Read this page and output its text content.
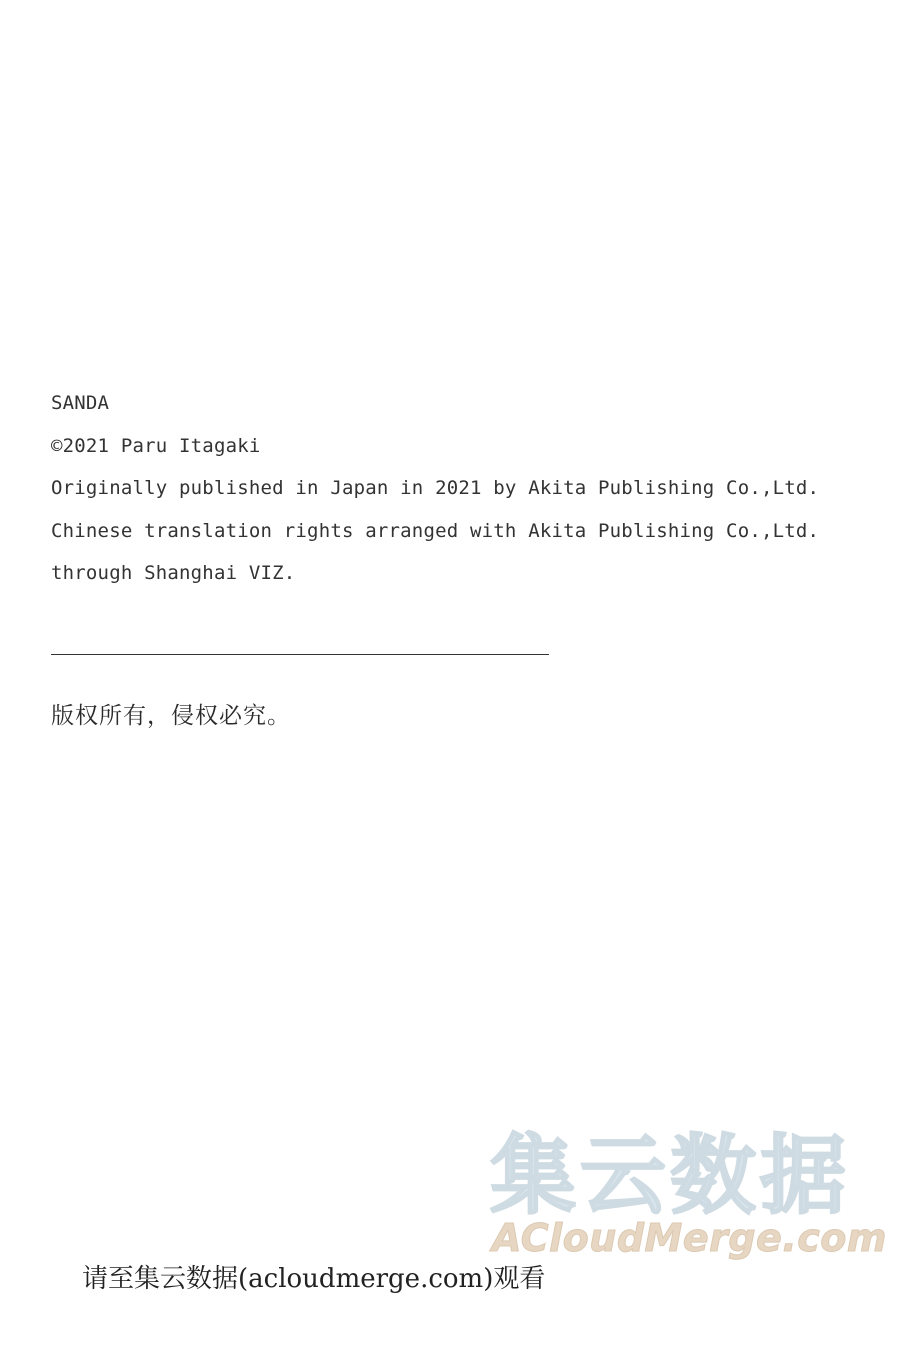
SANDA
©2021 Paru Itagaki
Originally published in Japan in 2021 by Akita Publishing Co.,Ltd.
Chinese translation rights arranged with Akita Publishing Co.,Ltd.
through Shanghai VIZ.
版权所有，侵权必究。
集云数据
ACloudMerge.com
请至集云数据(acloudmerge.com)观看
